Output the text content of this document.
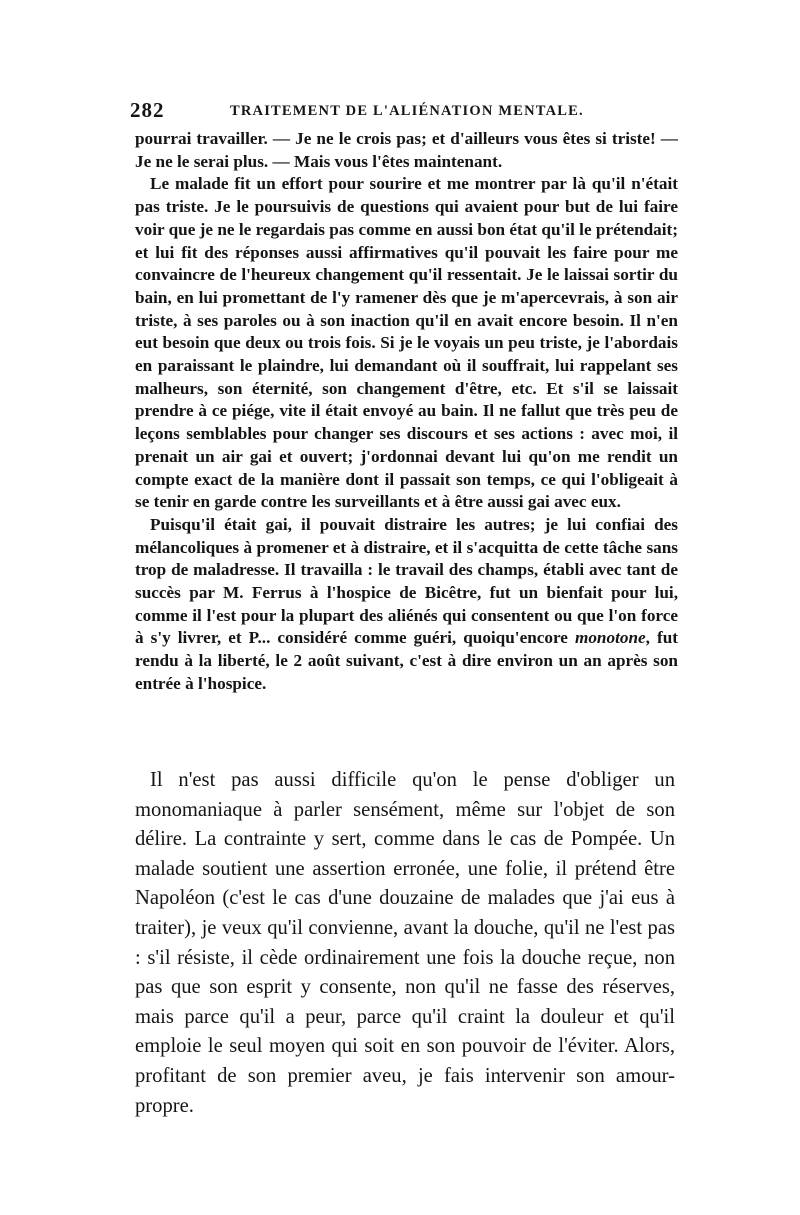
282	TRAITEMENT DE L'ALIÉNATION MENTALE.

pourrai travailler. — Je ne le crois pas; et d'ailleurs vous êtes si triste! — Je ne le serai plus. — Mais vous l'êtes maintenant.

Le malade fit un effort pour sourire et me montrer par là qu'il n'était pas triste. Je le poursuivis de questions qui avaient pour but de lui faire voir que je ne le regardais pas comme en aussi bon état qu'il le prétendait; et lui fit des réponses aussi affirmatives qu'il pouvait les faire pour me convaincre de l'heureux changement qu'il ressentait. Je le laissai sortir du bain, en lui promettant de l'y ramener dès que je m'apercevrais, à son air triste, à ses paroles ou à son inaction qu'il en avait encore besoin. Il n'en eut besoin que deux ou trois fois. Si je le voyais un peu triste, je l'abordais en paraissant le plaindre, lui demandant où il souffrait, lui rappelant ses malheurs, son éternité, son changement d'être, etc. Et s'il se laissait prendre à ce piége, vite il était envoyé au bain. Il ne fallut que très peu de leçons semblables pour changer ses discours et ses actions : avec moi, il prenait un air gai et ouvert; j'ordonnai devant lui qu'on me rendit un compte exact de la manière dont il passait son temps, ce qui l'obligeait à se tenir en garde contre les surveillants et à être aussi gai avec eux.

Puisqu'il était gai, il pouvait distraire les autres; je lui confiai des mélancoliques à promener et à distraire, et il s'acquitta de cette tâche sans trop de maladresse. Il travailla : le travail des champs, établi avec tant de succès par M. Ferrus à l'hospice de Bicêtre, fut un bienfait pour lui, comme il l'est pour la plupart des aliénés qui consentent ou que l'on force à s'y livrer, et P... considéré comme guéri, quoiqu'encore monotone, fut rendu à la liberté, le 2 août suivant, c'est à dire environ un an après son entrée à l'hospice.

Il n'est pas aussi difficile qu'on le pense d'obliger un monomaniaque à parler sensément, même sur l'objet de son délire. La contrainte y sert, comme dans le cas de Pompée. Un malade soutient une assertion erronée, une folie, il prétend être Napoléon (c'est le cas d'une douzaine de malades que j'ai eus à traiter), je veux qu'il convienne, avant la douche, qu'il ne l'est pas : s'il résiste, il cède ordinairement une fois la douche reçue, non pas que son esprit y consente, non qu'il ne fasse des réserves, mais parce qu'il a peur, parce qu'il craint la douleur et qu'il emploie le seul moyen qui soit en son pouvoir de l'éviter. Alors, profitant de son premier aveu, je fais intervenir son amour-propre.
